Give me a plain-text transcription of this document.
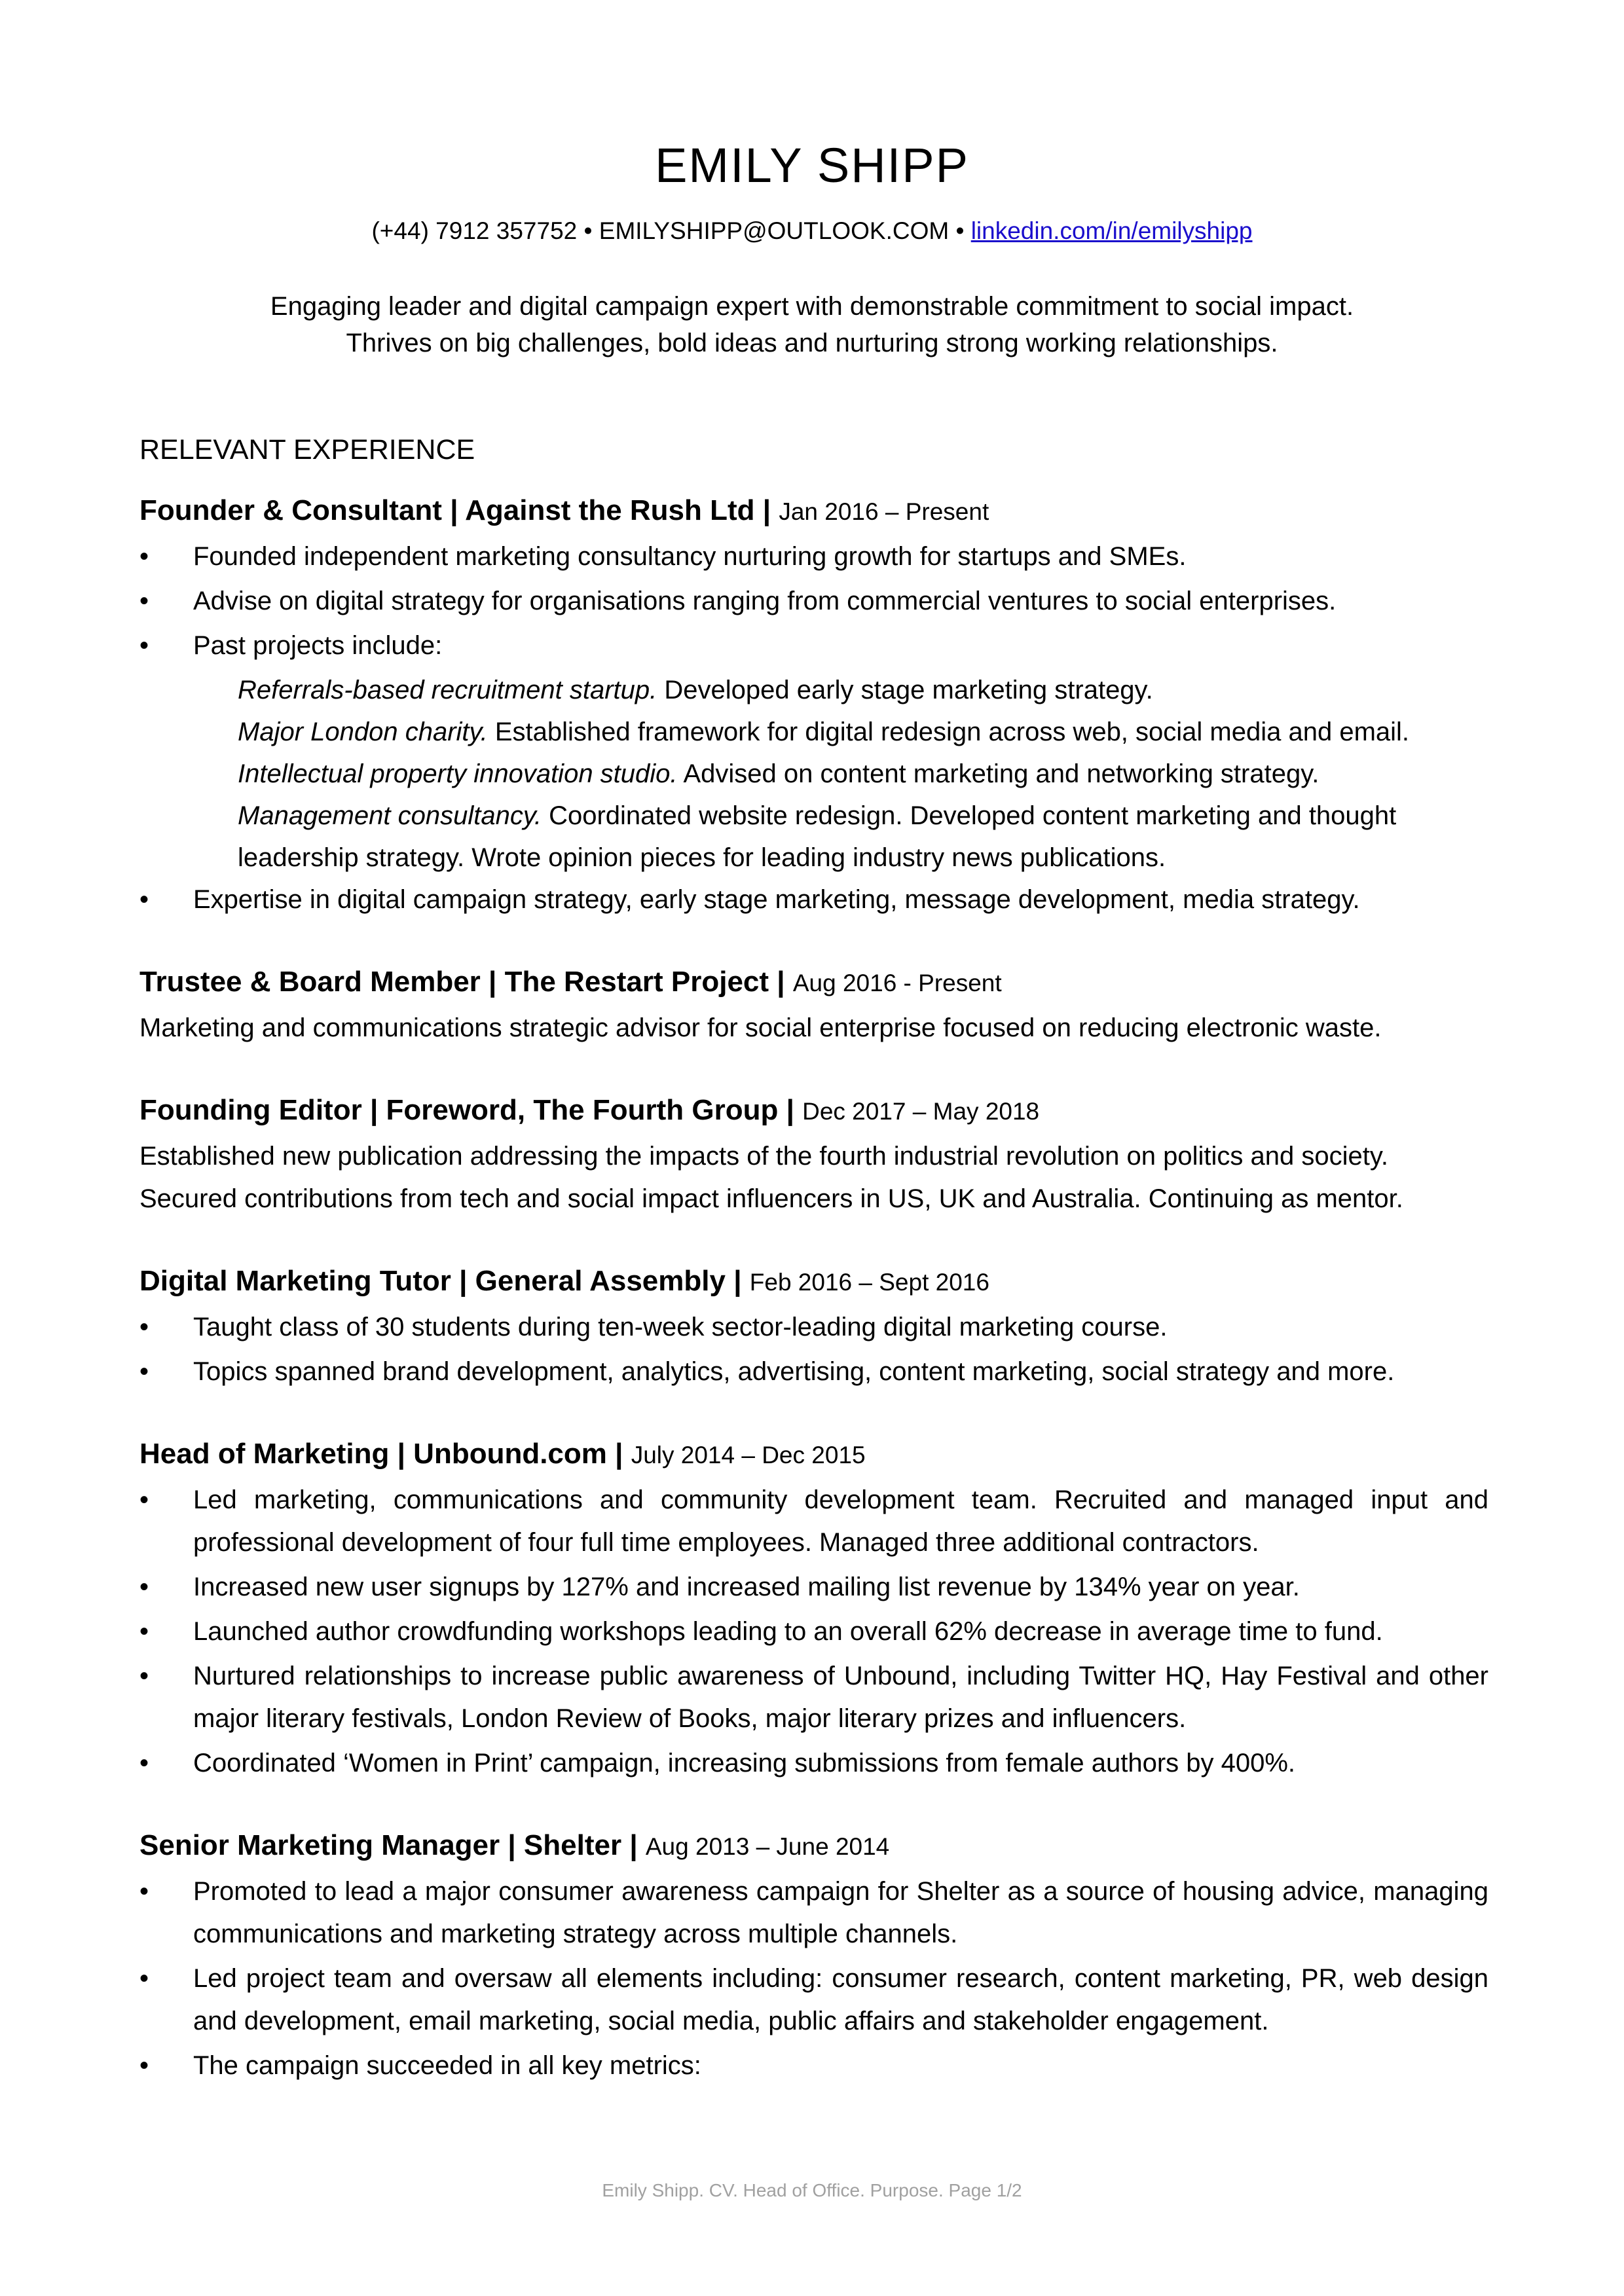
EMILY SHIPP
(+44) 7912 357752 • EMILYSHIPP@OUTLOOK.COM • linkedin.com/in/emilyshipp
Engaging leader and digital campaign expert with demonstrable commitment to social impact.
Thrives on big challenges, bold ideas and nurturing strong working relationships.
RELEVANT EXPERIENCE
Founder & Consultant | Against the Rush Ltd | Jan 2016 – Present
• Founded independent marketing consultancy nurturing growth for startups and SMEs.
• Advise on digital strategy for organisations ranging from commercial ventures to social enterprises.
• Past projects include:
Referrals-based recruitment startup. Developed early stage marketing strategy.
Major London charity. Established framework for digital redesign across web, social media and email.
Intellectual property innovation studio. Advised on content marketing and networking strategy.
Management consultancy. Coordinated website redesign. Developed content marketing and thought leadership strategy. Wrote opinion pieces for leading industry news publications.
• Expertise in digital campaign strategy, early stage marketing, message development, media strategy.
Trustee & Board Member | The Restart Project | Aug 2016 - Present
Marketing and communications strategic advisor for social enterprise focused on reducing electronic waste.
Founding Editor | Foreword, The Fourth Group | Dec 2017 – May 2018
Established new publication addressing the impacts of the fourth industrial revolution on politics and society.
Secured contributions from tech and social impact influencers in US, UK and Australia. Continuing as mentor.
Digital Marketing Tutor | General Assembly | Feb 2016 – Sept 2016
• Taught class of 30 students during ten-week sector-leading digital marketing course.
• Topics spanned brand development, analytics, advertising, content marketing, social strategy and more.
Head of Marketing | Unbound.com | July 2014 – Dec 2015
• Led marketing, communications and community development team. Recruited and managed input and professional development of four full time employees. Managed three additional contractors.
• Increased new user signups by 127% and increased mailing list revenue by 134% year on year.
• Launched author crowdfunding workshops leading to an overall 62% decrease in average time to fund.
• Nurtured relationships to increase public awareness of Unbound, including Twitter HQ, Hay Festival and other major literary festivals, London Review of Books, major literary prizes and influencers.
• Coordinated ‘Women in Print’ campaign, increasing submissions from female authors by 400%.
Senior Marketing Manager | Shelter | Aug 2013 – June 2014
• Promoted to lead a major consumer awareness campaign for Shelter as a source of housing advice, managing communications and marketing strategy across multiple channels.
• Led project team and oversaw all elements including: consumer research, content marketing, PR, web design and development, email marketing, social media, public affairs and stakeholder engagement.
• The campaign succeeded in all key metrics:
Emily Shipp. CV. Head of Office. Purpose. Page 1/2
